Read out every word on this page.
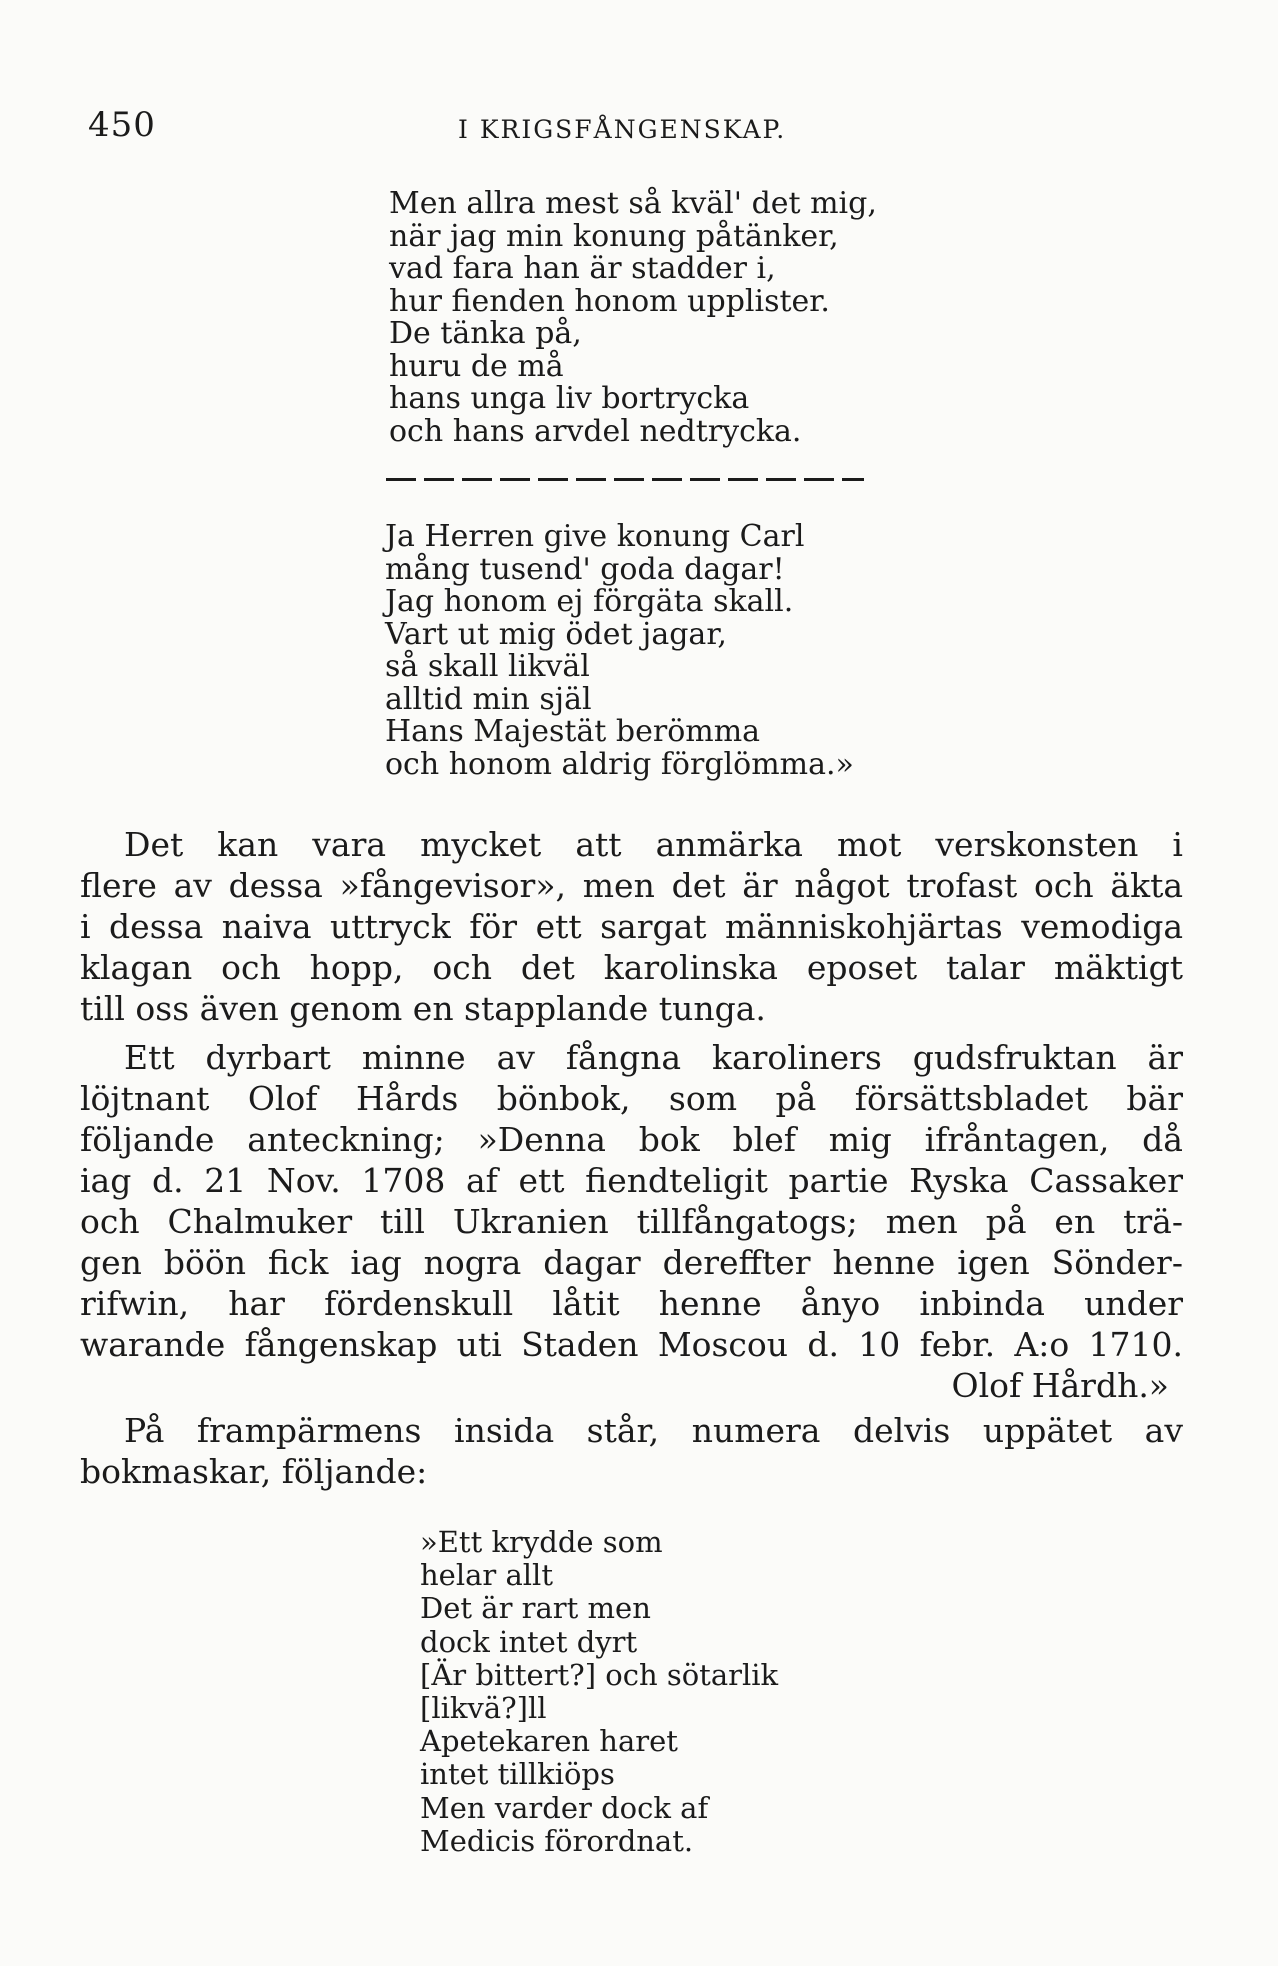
450	I KRIGSFÅNGENSKAP.
Men allra mest så kväl' det mig,
när jag min konung påtänker,
vad fara han är stadder i,
hur fienden honom upplister.
De tänka på,
huru de må
hans unga liv bortrycka
och hans arvdel nedtrycka.
Ja Herren give konung Carl
mång tusend' goda dagar!
Jag honom ej förgäta skall.
Vart ut mig ödet jagar,
så skall likväl
alltid min själ
Hans Majestät berömma
och honom aldrig förglömma.»
Det kan vara mycket att anmärka mot verskonsten i
flere av dessa »fångevisor», men det är något trofast och äkta
i dessa naiva uttryck för ett sargat människohjärtas vemodiga
klagan och hopp, och det karolinska eposet talar mäktigt
till oss även genom en stapplande tunga.
Ett dyrbart minne av fångna karoliners gudsfruktan är
löjtnant Olof Hårds bönbok, som på försättsbladet bär
följande anteckning; »Denna bok blef mig ifråntagen, då
iag d. 21 Nov. 1708 af ett fiendteligit partie Ryska Cassaker
och Chalmuker till Ukranien tillfångatogs; men på en trä-
gen böön fick iag nogra dagar dereffter henne igen Sönder-
rifwin, har fördenskull låtit henne ånyo inbinda under
warande fångenskap uti Staden Moscou d. 10 febr. A:o 1710.
Olof Hårdh.»
På frampärmens insida står, numera delvis uppätet av
bokmaskar, följande:
»Ett krydde som
helar allt
Det är rart men
dock intet dyrt
[Är bittert?] och sötarlik
[likvä?]ll
Apetekaren haret
intet tillkiöps
Men varder dock af
Medicis förordnat.
